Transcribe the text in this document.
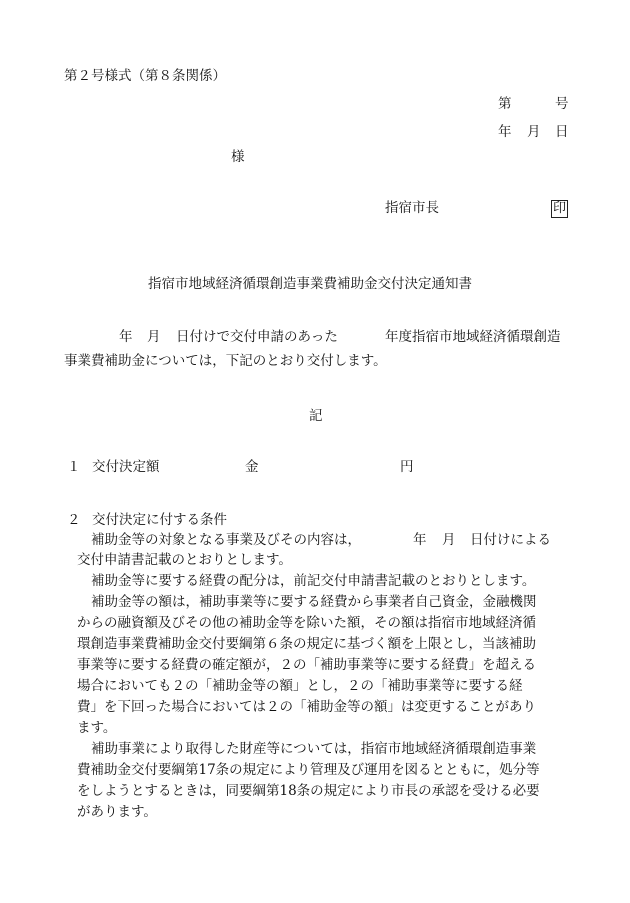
第２号様式（第８条関係）
第	号
年 月 日
様
指宿市長	印
指宿市地域経済循環創造事業費補助金交付決定通知書
年 月 日付けで交付申請のあった	年度指宿市地域経済循環創造
事業費補助金については，下記のとおり交付します。
記
１ 交付決定額	金	円
２ 交付決定に付する条件
補助金等の対象となる事業及びその内容は，	年 月 日付けによる
交付申請書記載のとおりとします。
補助金等に要する経費の配分は，前記交付申請書記載のとおりとします。
補助金等の額は，補助事業等に要する経費から事業者自己資金，金融機関
からの融資額及びその他の補助金等を除いた額，その額は指宿市地域経済循
環創造事業費補助金交付要綱第６条の規定に基づく額を上限とし，当該補助
事業等に要する経費の確定額が，２の「補助事業等に要する経費」を超える
場合においても２の「補助金等の額」とし，２の「補助事業等に要する経
費」を下回った場合においては２の「補助金等の額」は変更することがあり
ます。
補助事業により取得した財産等については，指宿市地域経済循環創造事業
費補助金交付要綱第17条の規定により管理及び運用を図るとともに，処分等
をしようとするときは，同要綱第18条の規定により市長の承認を受ける必要
があります。
